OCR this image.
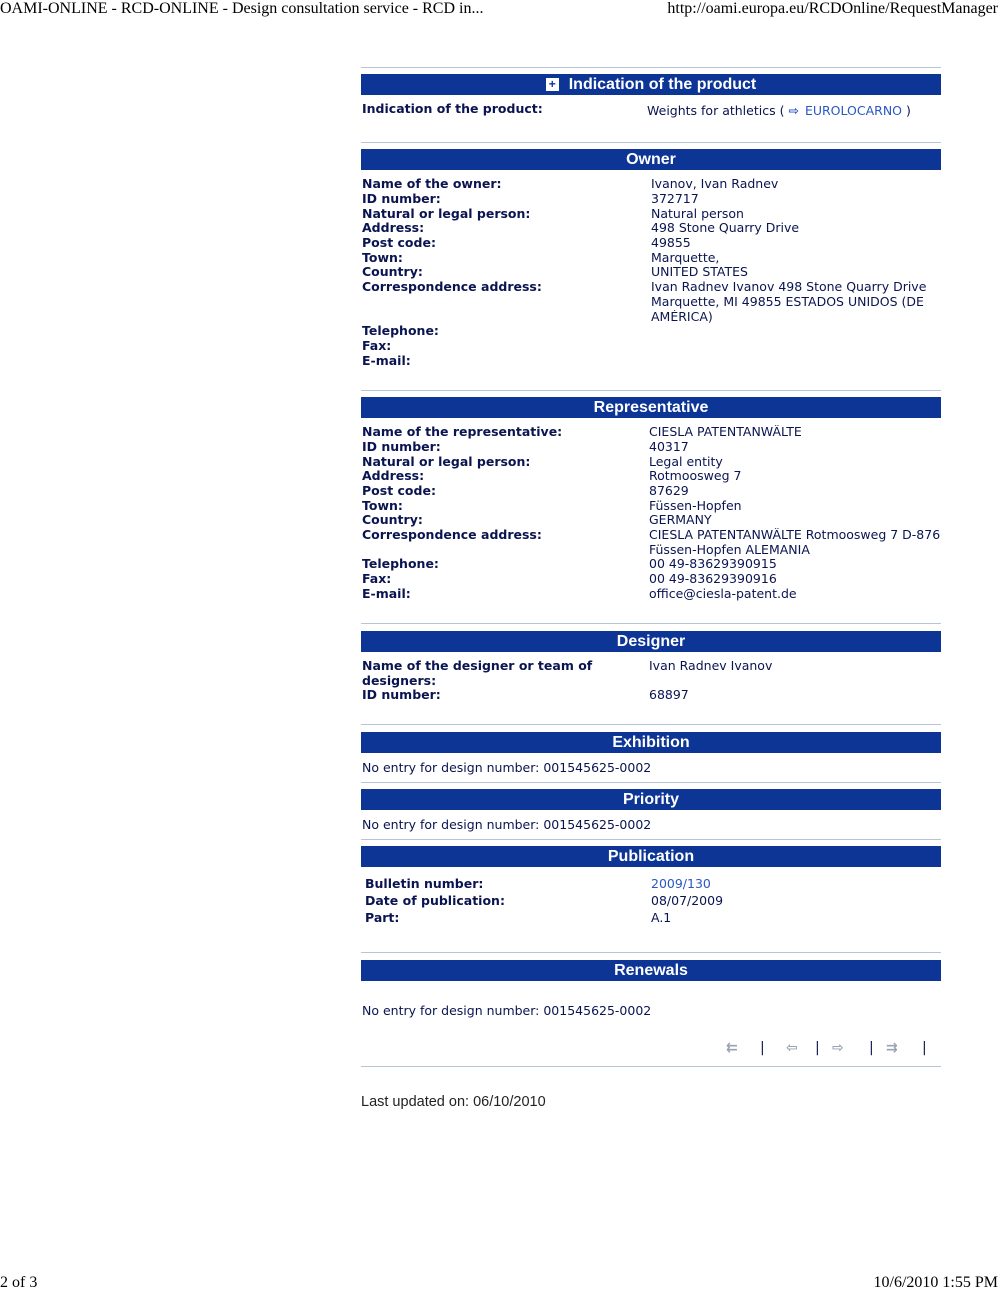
OAMI-ONLINE - RCD-ONLINE - Design consultation service - RCD in...	http://oami.europa.eu/RCDOnline/RequestManager
+ Indication of the product
Indication of the product:	Weights for athletics ( ⇨ EUROLOCARNO )
Owner
Name of the owner:	Ivanov, Ivan Radnev
ID number:	372717
Natural or legal person:	Natural person
Address:	498 Stone Quarry Drive
Post code:	49855
Town:	Marquette,
Country:	UNITED STATES
Correspondence address:	Ivan Radnev Ivanov 498 Stone Quarry Drive
Marquette, MI 49855 ESTADOS UNIDOS (DE
AMÉRICA)
Telephone:
Fax:
E-mail:
Representative
Name of the representative:	CIESLA PATENTANWÄLTE
ID number:	40317
Natural or legal person:	Legal entity
Address:	Rotmoosweg 7
Post code:	87629
Town:	Füssen-Hopfen
Country:	GERMANY
Correspondence address:	CIESLA PATENTANWÄLTE Rotmoosweg 7 D-876
Füssen-Hopfen ALEMANIA
Telephone:	00 49-83629390915
Fax:	00 49-83629390916
E-mail:	office@ciesla-patent.de
Designer
Name of the designer or team of
designers:
Ivan Radnev Ivanov
ID number:	68897
Exhibition
No entry for design number: 001545625-0002
Priority
No entry for design number: 001545625-0002
Publication
Bulletin number:	2009/130
Date of publication:	08/07/2009
Part:	A.1
Renewals
No entry for design number: 001545625-0002
⇇ | ⇦ | ⇨ | ⇉ |
Last updated on: 06/10/2010
2 of 3	10/6/2010 1:55 PM
